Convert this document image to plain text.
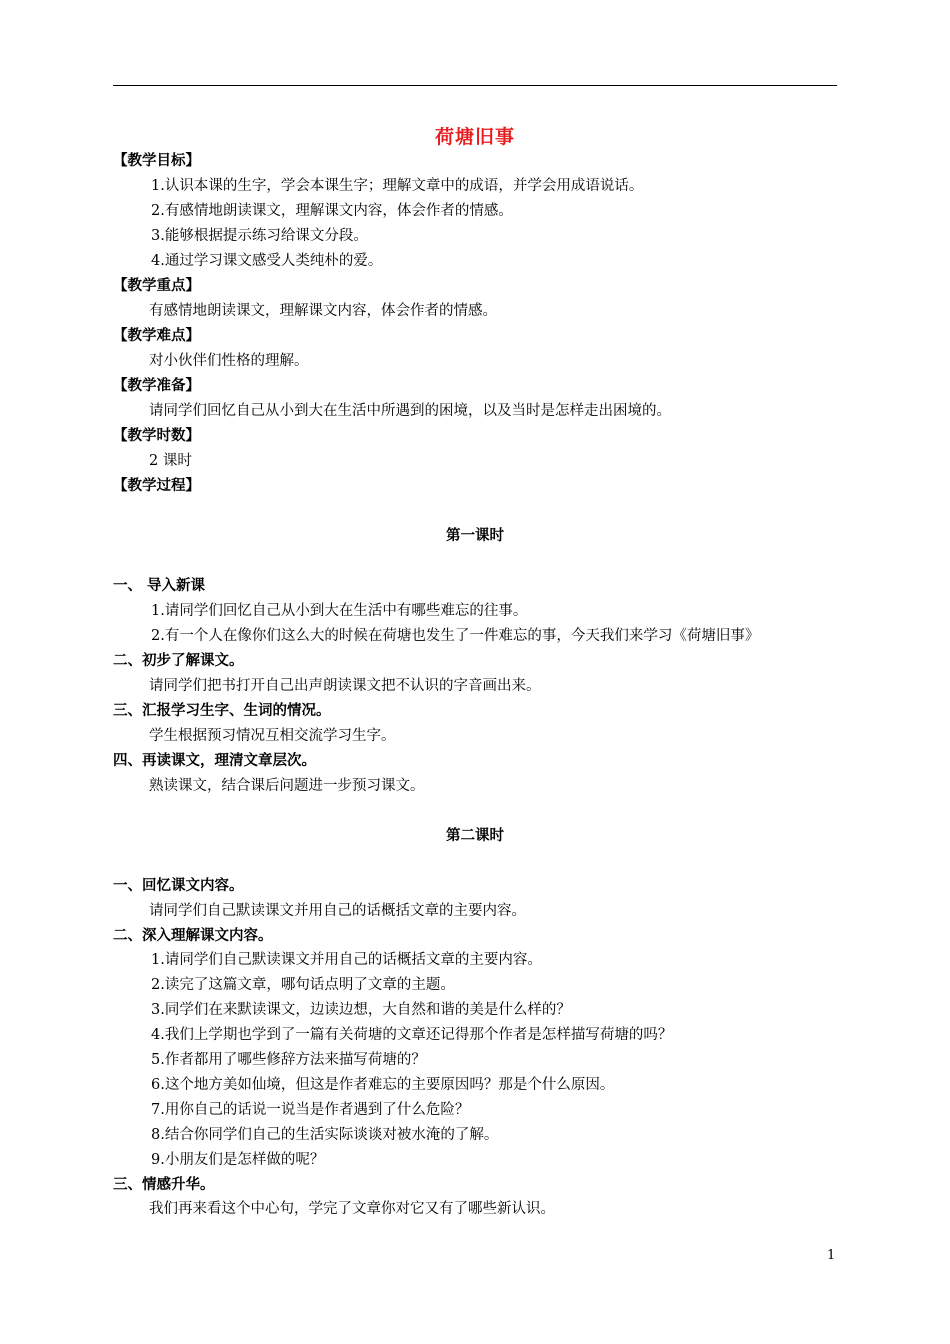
荷塘旧事
【教学目标】
1.认识本课的生字，学会本课生字；理解文章中的成语，并学会用成语说话。
2.有感情地朗读课文，理解课文内容，体会作者的情感。
3.能够根据提示练习给课文分段。
4.通过学习课文感受人类纯朴的爱。
【教学重点】
有感情地朗读课文，理解课文内容，体会作者的情感。
【教学难点】
对小伙伴们性格的理解。
【教学准备】
请同学们回忆自己从小到大在生活中所遇到的困境，以及当时是怎样走出困境的。
【教学时数】
2 课时
【教学过程】
第一课时
一、 导入新课
1.请同学们回忆自己从小到大在生活中有哪些难忘的往事。
2.有一个人在像你们这么大的时候在荷塘也发生了一件难忘的事，今天我们来学习《荷塘旧事》
二、初步了解课文。
请同学们把书打开自己出声朗读课文把不认识的字音画出来。
三、汇报学习生字、生词的情况。
学生根据预习情况互相交流学习生字。
四、再读课文，理清文章层次。
熟读课文，结合课后问题进一步预习课文。
第二课时
一、回忆课文内容。
请同学们自己默读课文并用自己的话概括文章的主要内容。
二、深入理解课文内容。
1.请同学们自己默读课文并用自己的话概括文章的主要内容。
2.读完了这篇文章，哪句话点明了文章的主题。
3.同学们在来默读课文，边读边想，大自然和谐的美是什么样的？
4.我们上学期也学到了一篇有关荷塘的文章还记得那个作者是怎样描写荷塘的吗？
5.作者都用了哪些修辞方法来描写荷塘的？
6.这个地方美如仙境，但这是作者难忘的主要原因吗？那是个什么原因。
7.用你自己的话说一说当是作者遇到了什么危险？
8.结合你同学们自己的生活实际谈谈对被水淹的了解。
9.小朋友们是怎样做的呢？
三、情感升华。
我们再来看这个中心句，学完了文章你对它又有了哪些新认识。
1
